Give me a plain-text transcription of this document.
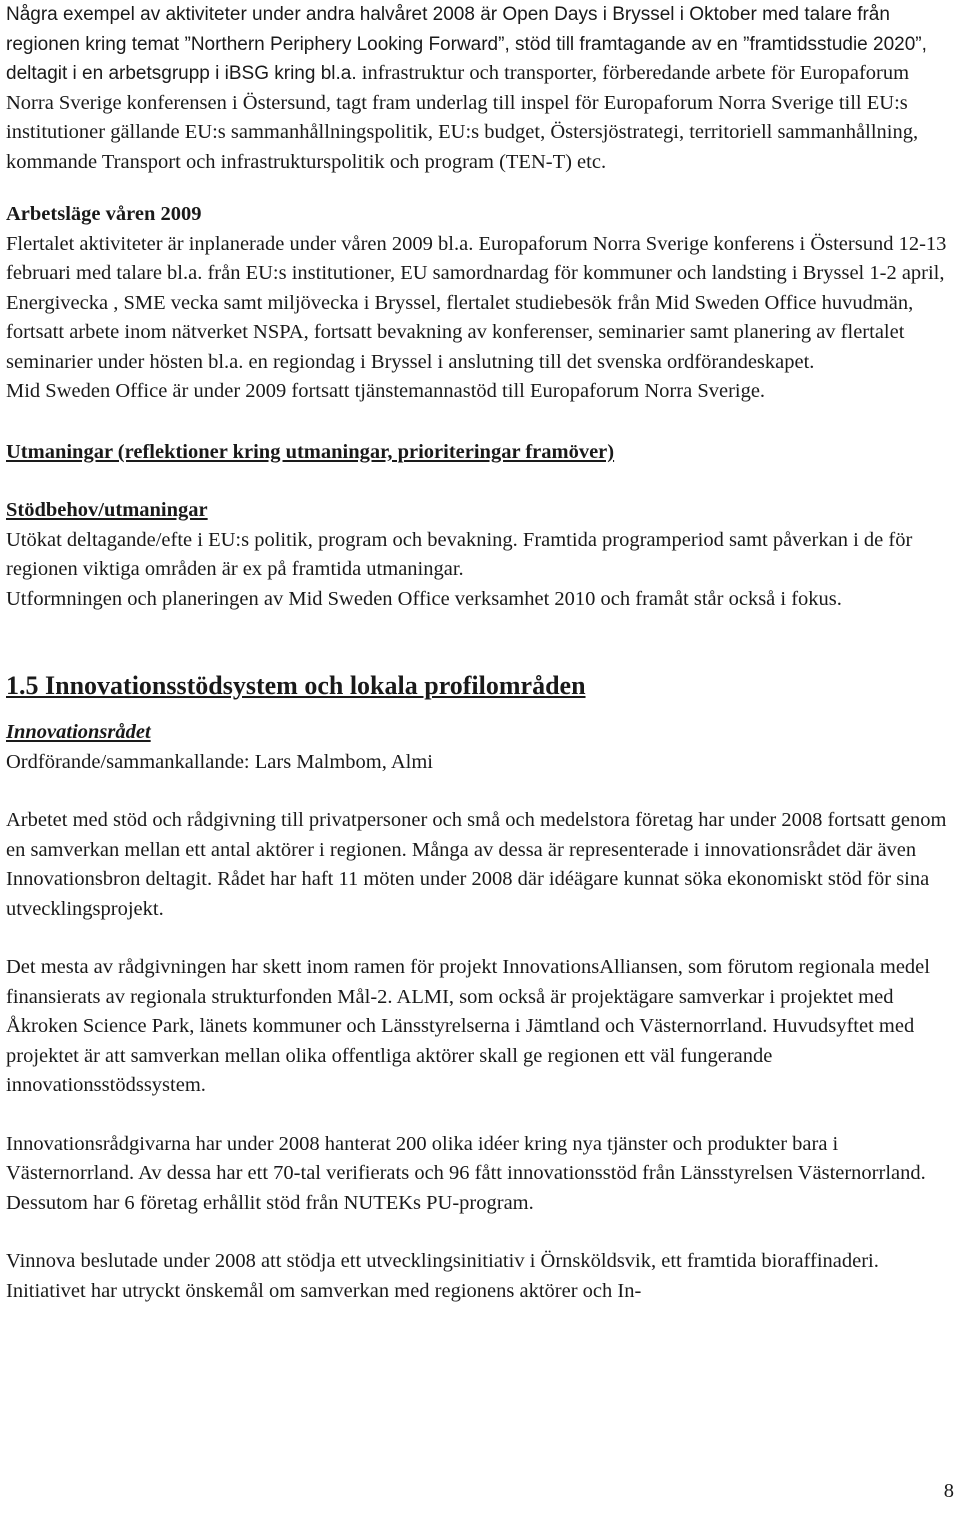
Några exempel av aktiviteter under andra halvåret 2008 är Open Days i Bryssel i Oktober med talare från regionen kring temat ”Northern Periphery Looking Forward”, stöd till framtagande av en ”framtidsstudie 2020”, deltagit i en arbetsgrupp i iBSG kring bl.a. infrastruktur och transporter, förberedande arbete för Europaforum Norra Sverige konferensen i Östersund, tagt fram underlag till inspel för Europaforum Norra Sverige till EU:s institutioner gällande EU:s sammanhållningspolitik, EU:s budget, Östersjöstrategi, territoriell sammanhållning, kommande Transport och infrastrukturspolitik och program (TEN-T) etc.

Arbetsläge våren 2009

Flertalet aktiviteter är inplanerade under våren 2009 bl.a. Europaforum Norra Sverige konferens i Östersund 12-13 februari med talare bl.a. från EU:s institutioner, EU samordnardag för kommuner och landsting i Bryssel 1-2 april, Energivecka , SME vecka samt miljövecka i Bryssel, flertalet studiebesök från Mid Sweden Office huvudmän, fortsatt arbete inom nätverket NSPA, fortsatt bevakning av konferenser, seminarier samt planering av flertalet seminarier under hösten bl.a. en regiondag i Bryssel i anslutning till det svenska ordförandeskapet.

Mid Sweden Office är under 2009 fortsatt tjänstemannastöd till Europaforum Norra Sverige.

Utmaningar (reflektioner kring utmaningar, prioriteringar framöver)

Stödbehov/utmaningar

Utökat deltagande/efte i EU:s politik, program och bevakning. Framtida programperiod samt påverkan i de för regionen viktiga områden är ex på framtida utmaningar.

Utformningen och planeringen av Mid Sweden Office verksamhet 2010 och framåt står också i fokus.

1.5 Innovationsstödsystem och lokala profilområden

Innovationsrådet

Ordförande/sammankallande: Lars Malmbom, Almi

Arbetet med stöd och rådgivning till privatpersoner och små och medelstora företag har under 2008 fortsatt genom en samverkan mellan ett antal aktörer i regionen. Många av dessa är representerade i innovationsrådet där även Innovationsbron deltagit. Rådet har haft 11 möten under 2008 där idéägare kunnat söka ekonomiskt stöd för sina utvecklingsprojekt.

Det mesta av rådgivningen har skett inom ramen för projekt InnovationsAlliansen, som förutom regionala medel finansierats av regionala strukturfonden Mål-2. ALMI, som också är projektägare samverkar i projektet med Åkroken Science Park, länets kommuner och Länsstyrelserna i Jämtland och Västernorrland. Huvudsyftet med projektet är att samverkan mellan olika offentliga aktörer skall ge regionen ett väl fungerande innovationsstödssystem.

Innovationsrådgivarna har under 2008 hanterat 200 olika idéer kring nya tjänster och produkter bara i Västernorrland. Av dessa har ett 70-tal verifierats och 96 fått innovationsstöd från Länsstyrelsen Västernorrland. Dessutom har 6 företag erhållit stöd från NUTEKs PU-program.

Vinnova beslutade under 2008 att stödja ett utvecklingsinitiativ i Örnsköldsvik, ett framtida bioraffinaderi. Initiativet har utryckt önskemål om samverkan med regionens aktörer och In-

8
